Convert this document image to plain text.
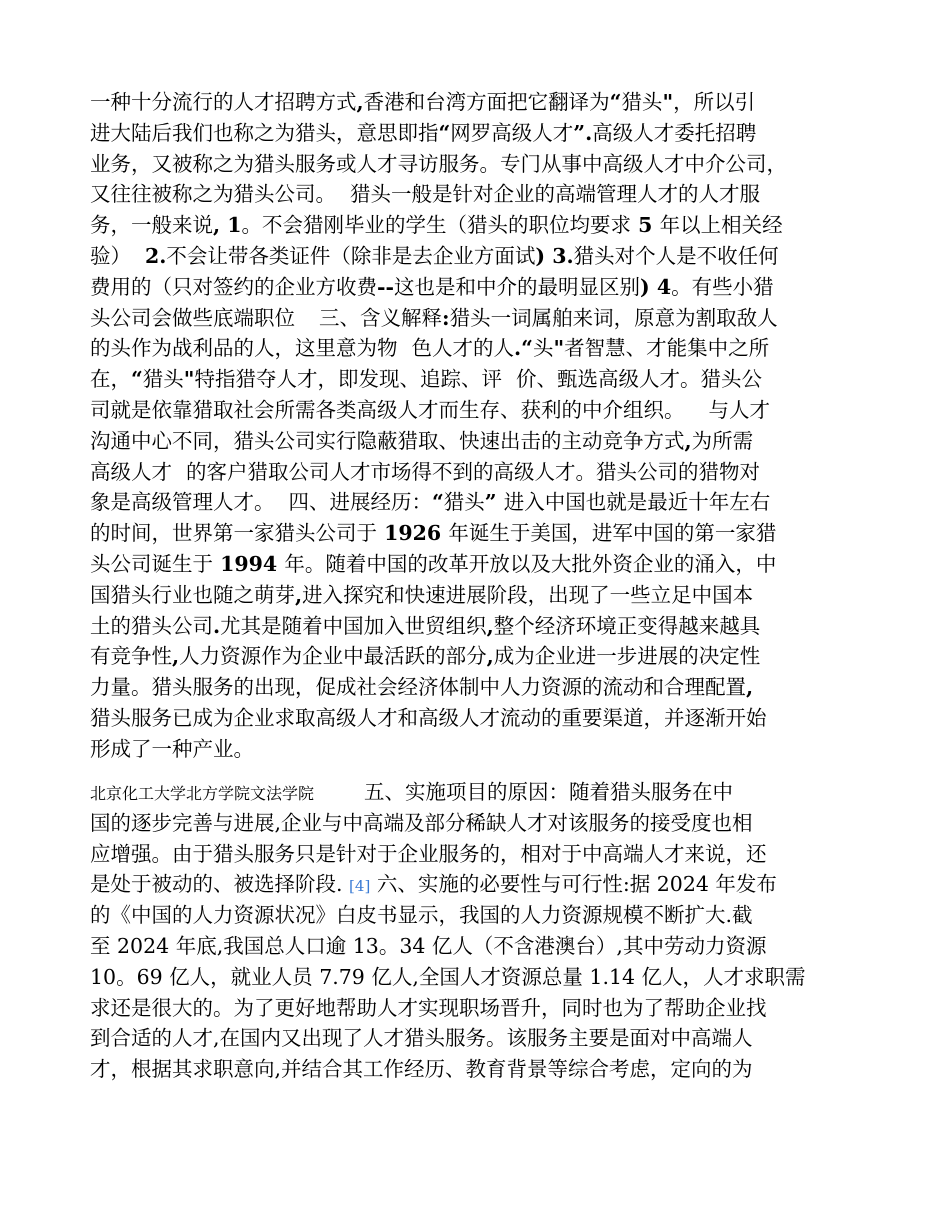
一种十分流行的人才招聘方式,香港和台湾方面把它翻译为“猎头"，所以引
进大陆后我们也称之为猎头，意思即指“网罗高级人才”.高级人才委托招聘
业务，又被称之为猎头服务或人才寻访服务。专门从事中高级人才中介公司，
又往往被称之为猎头公司。 猎头一般是针对企业的高端管理人才的人才服
务，一般来说, 1。不会猎刚毕业的学生（猎头的职位均要求 5 年以上相关经
验） 2.不会让带各类证件（除非是去企业方面试) 3.猎头对个人是不收任何
费用的（只对签约的企业方收费--这也是和中介的最明显区别) 4。有些小猎
头公司会做些底端职位 三、含义解释:猎头一词属舶来词，原意为割取敌人
的头作为战利品的人，这里意为物 色人才的人.“头"者智慧、才能集中之所
在，“猎头"特指猎夺人才，即发现、追踪、评 价、甄选高级人才。猎头公
司就是依靠猎取社会所需各类高级人才而生存、获利的中介组织。 与人才
沟通中心不同，猎头公司实行隐蔽猎取、快速出击的主动竞争方式,为所需
高级人才 的客户猎取公司人才市场得不到的高级人才。猎头公司的猎物对
象是高级管理人才。 四、进展经历：“猎头” 进入中国也就是最近十年左右
的时间，世界第一家猎头公司于 1926 年诞生于美国，进军中国的第一家猎
头公司诞生于 1994 年。随着中国的改革开放以及大批外资企业的涌入，中
国猎头行业也随之萌芽,进入探究和快速进展阶段，出现了一些立足中国本
土的猎头公司.尤其是随着中国加入世贸组织,整个经济环境正变得越来越具
有竞争性,人力资源作为企业中最活跃的部分,成为企业进一步进展的决定性
力量。猎头服务的出现，促成社会经济体制中人力资源的流动和合理配置,
猎头服务已成为企业求取高级人才和高级人才流动的重要渠道，并逐渐开始
形成了一种产业。
北京化工大学北方学院文法学院 五、实施项目的原因：随着猎头服务在中
国的逐步完善与进展,企业与中高端及部分稀缺人才对该服务的接受度也相
应增强。由于猎头服务只是针对于企业服务的，相对于中高端人才来说，还
是处于被动的、被选择阶段. [4] 六、实施的必要性与可行性:据 2024 年发布
的《中国的人力资源状况》白皮书显示，我国的人力资源规模不断扩大.截
至 2024 年底,我国总人口逾 13。34 亿人（不含港澳台）,其中劳动力资源
10。69 亿人，就业人员 7.79 亿人,全国人才资源总量 1.14 亿人，人才求职需
求还是很大的。为了更好地帮助人才实现职场晋升，同时也为了帮助企业找
到合适的人才,在国内又出现了人才猎头服务。该服务主要是面对中高端人
才，根据其求职意向,并结合其工作经历、教育背景等综合考虑，定向的为
